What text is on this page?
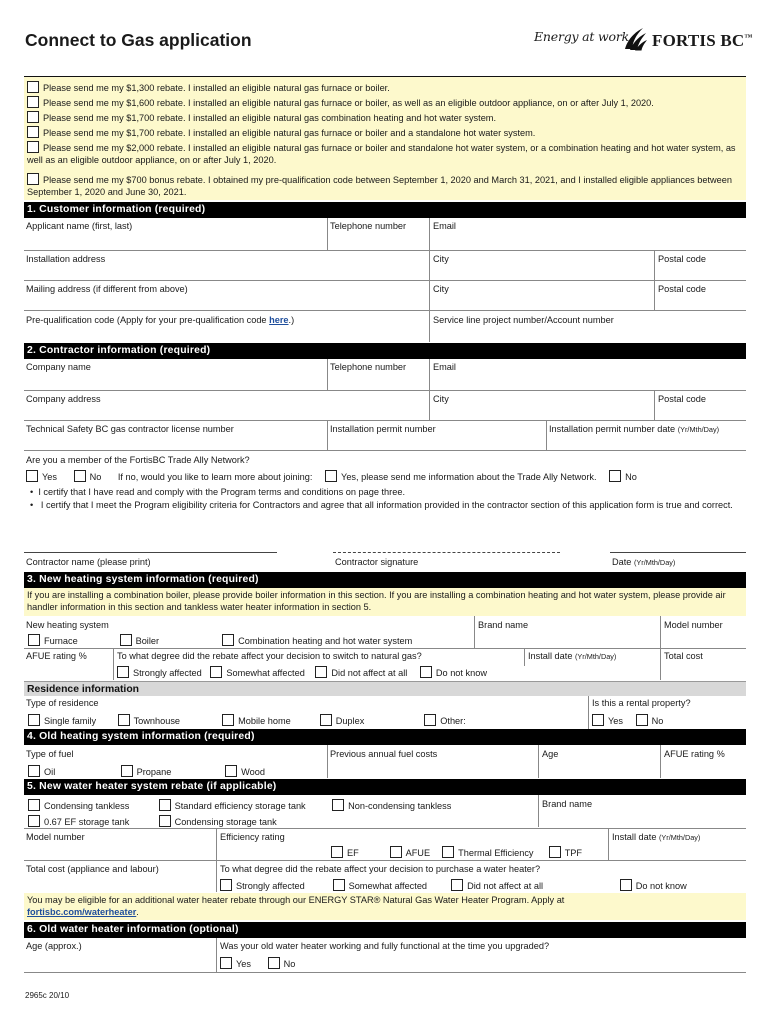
Connect to Gas application	Energy at work FORTIS BC™
Please send me my $1,300 rebate. I installed an eligible natural gas furnace or boiler.
Please send me my $1,600 rebate. I installed an eligible natural gas furnace or boiler, as well as an eligible outdoor appliance, on or after July 1, 2020.
Please send me my $1,700 rebate. I installed an eligible natural gas combination heating and hot water system.
Please send me my $1,700 rebate. I installed an eligible natural gas furnace or boiler and a standalone hot water system.
Please send me my $2,000 rebate. I installed an eligible natural gas furnace or boiler and standalone hot water system, or a combination heating and hot water system, as well as an eligible outdoor appliance, on or after July 1, 2020.
Please send me my $700 bonus rebate. I obtained my pre-qualification code between September 1, 2020 and March 31, 2021, and I installed eligible appliances between September 1, 2020 and June 30, 2021.
1. Customer information (required)
Applicant name (first, last)	Telephone number	Email
Installation address	City	Postal code
Mailing address (if different from above)	City	Postal code
Pre-qualification code (Apply for your pre-qualification code here.)	Service line project number/Account number
2. Contractor information (required)
Company name	Telephone number	Email
Company address	City	Postal code
Technical Safety BC gas contractor license number	Installation permit number	Installation permit number date (Yr/Mth/Day)
Are you a member of the FortisBC Trade Ally Network?
Yes	No If no, would you like to learn more about joining:	Yes, please send me information about the Trade Ally Network.	No
•  I certify that I have read and comply with the Program terms and conditions on page three.
•   I certify that I meet the Program eligibility criteria for Contractors and agree that all information provided in the contractor section of this application form is true and correct.
Contractor name (please print)	Contractor signature	Date (Yr/Mth/Day)
3. New heating system information (required)
If you are installing a combination boiler, please provide boiler information in this section. If you are installing a combination heating and hot water system, please provide air handler information in this section and tankless water heater information in section 5.
New heating system	Brand name	Model number
Furnace	Boiler	Combination heating and hot water system
AFUE rating %	To what degree did the rebate affect your decision to switch to natural gas?	Install date (Yr/Mth/Day)	Total cost
Strongly affected	Somewhat affected	Did not affect at all	Do not know
Residence information
Type of residence	Is this a rental property?
Single family	Townhouse	Mobile home	Duplex	Other:	Yes	No
4. Old heating system information (required)
Type of fuel	Previous annual fuel costs	Age	AFUE rating %
Oil	Propane	Wood
5. New water heater system rebate (if applicable)
Condensing tankless	Standard efficiency storage tank	Non-condensing tankless	Brand name
0.67 EF storage tank	Condensing storage tank
Model number	Efficiency rating	Install date (Yr/Mth/Day)
EF	AFUE	Thermal Efficiency	TPF
Total cost (appliance and labour)	To what degree did the rebate affect your decision to purchase a water heater?
Strongly affected	Somewhat affected	Did not affect at all	Do not know
You may be eligible for an additional water heater rebate through our ENERGY STAR® Natural Gas Water Heater Program. Apply at
fortisbc.com/waterheater.
6. Old water heater information (optional)
Age (approx.)	Was your old water heater working and fully functional at the time you upgraded?
Yes	No
2965c 20/10
